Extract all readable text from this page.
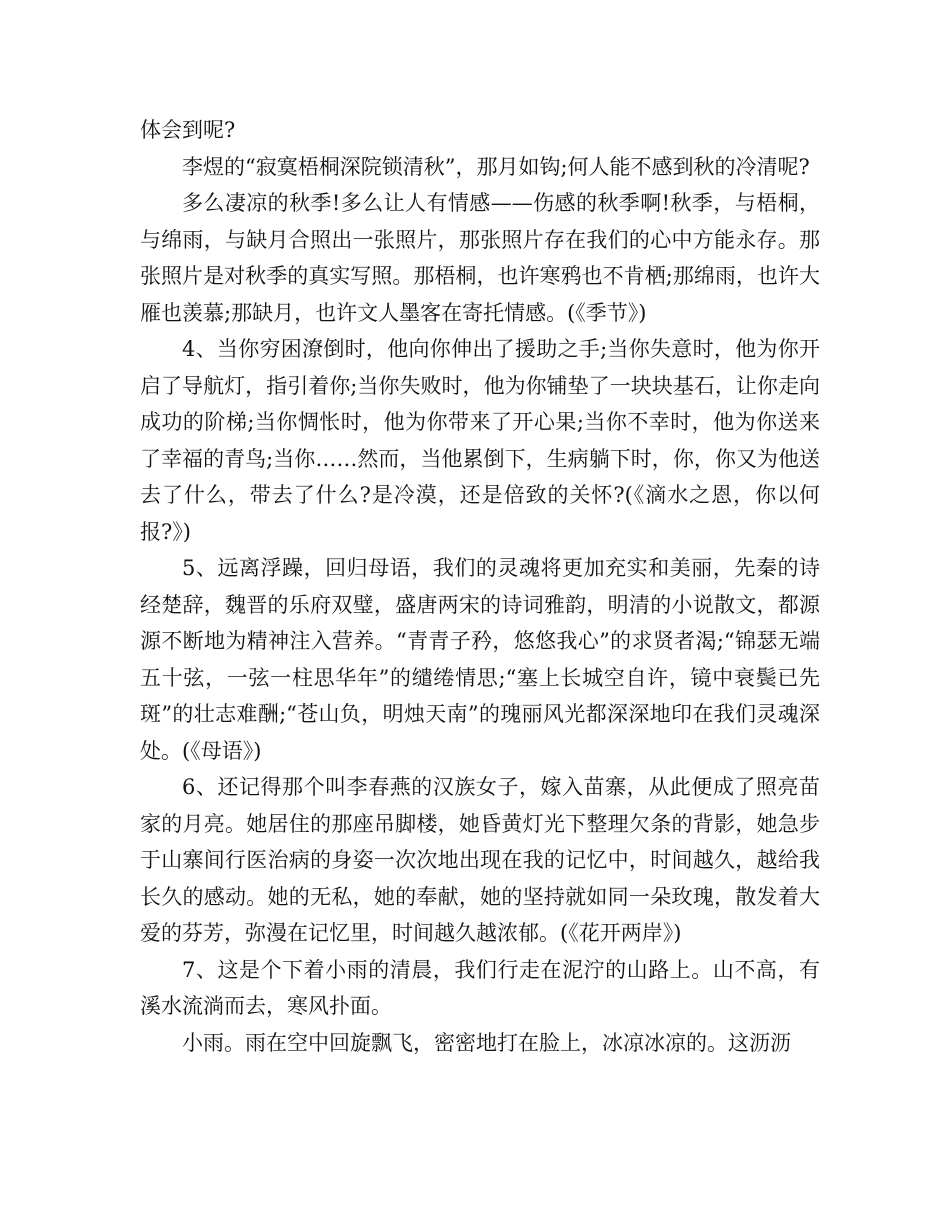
体会到呢?

李煜的“寂寞梧桐深院锁清秋”，那月如钩;何人能不感到秋的冷清呢?

多么凄凉的秋季!多么让人有情感——伤感的秋季啊!秋季，与梧桐，与绵雨，与缺月合照出一张照片，那张照片存在我们的心中方能永存。那张照片是对秋季的真实写照。那梧桐，也许寒鸦也不肯栖;那绵雨，也许大雁也羡慕;那缺月，也许文人墨客在寄托情感。(《季节》)

4、当你穷困潦倒时，他向你伸出了援助之手;当你失意时，他为你开启了导航灯，指引着你;当你失败时，他为你铺垫了一块块基石，让你走向成功的阶梯;当你惆怅时，他为你带来了开心果;当你不幸时，他为你送来了幸福的青鸟;当你……然而，当他累倒下，生病躺下时，你，你又为他送去了什么，带去了什么?是冷漠，还是倍致的关怀?(《滴水之恩，你以何报?》)

5、远离浮躁，回归母语，我们的灵魂将更加充实和美丽，先秦的诗经楚辞，魏晋的乐府双璧，盛唐两宋的诗词雅韵，明清的小说散文，都源源不断地为精神注入营养。“青青子矜，悠悠我心”的求贤者渴;“锦瑟无端五十弦，一弦一柱思华年”的缱绻情思;“塞上长城空自许，镜中衰鬓已先斑”的壮志难酬;“苍山负，明烛天南”的瑰丽风光都深深地印在我们灵魂深处。(《母语》)

6、还记得那个叫李春燕的汉族女子，嫁入苗寨，从此便成了照亮苗家的月亮。她居住的那座吊脚楼，她昏黄灯光下整理欠条的背影，她急步于山寨间行医治病的身姿一次次地出现在我的记忆中，时间越久，越给我长久的感动。她的无私，她的奉献，她的坚持就如同一朵玫瑰，散发着大爱的芬芳，弥漫在记忆里，时间越久越浓郁。(《花开两岸》)

7、这是个下着小雨的清晨，我们行走在泥泞的山路上。山不高，有溪水流淌而去，寒风扑面。

小雨。雨在空中回旋飘飞，密密地打在脸上，冰凉冰凉的。这沥沥
